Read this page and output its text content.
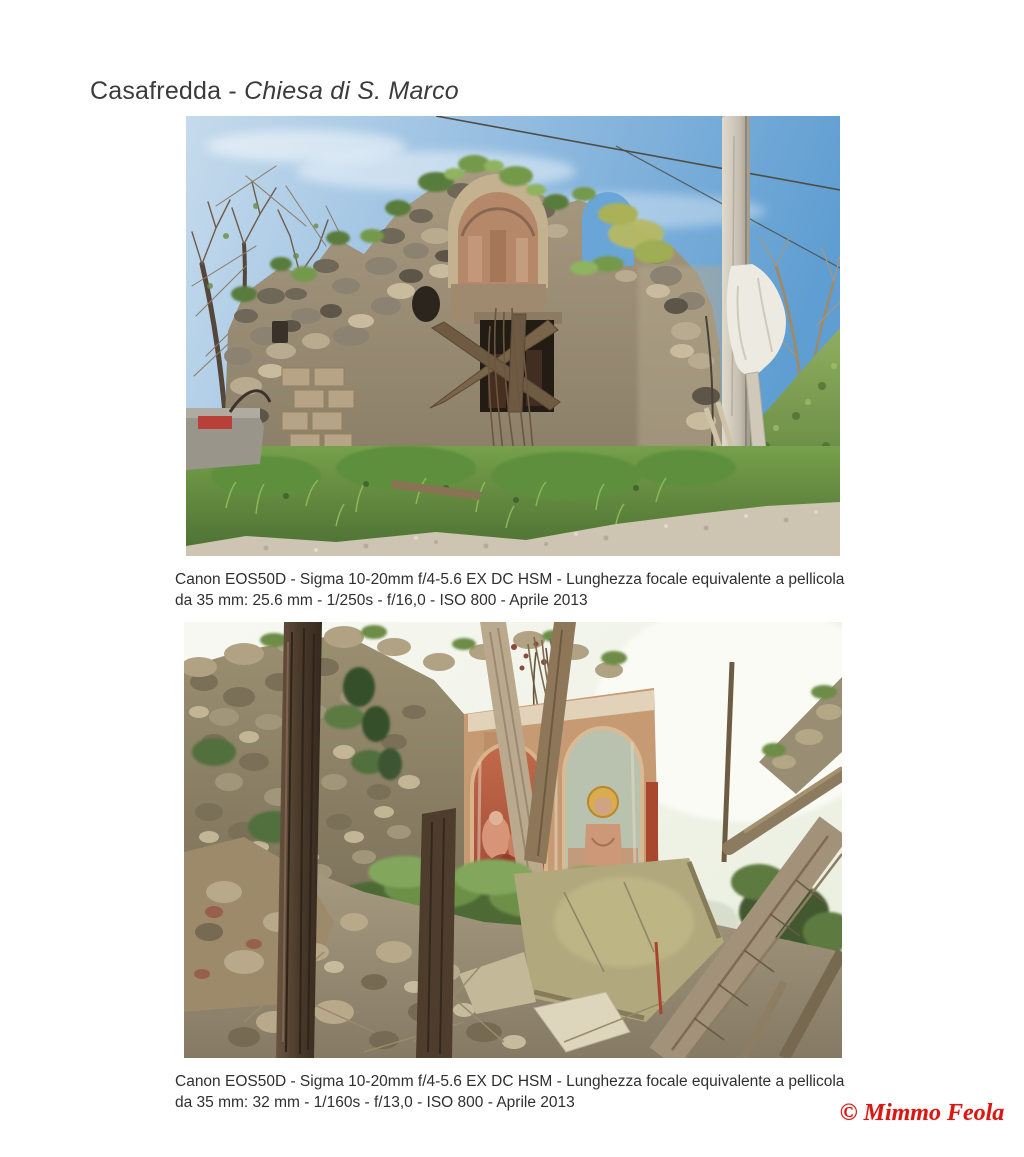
Casafredda - Chiesa di S. Marco

Canon EOS50D - Sigma 10-20mm f/4-5.6 EX DC HSM - Lunghezza focale equivalente a pellicola
da 35 mm: 25.6 mm - 1/250s - f/16,0 - ISO 800 - Aprile 2013

Canon EOS50D - Sigma 10-20mm f/4-5.6 EX DC HSM - Lunghezza focale equivalente a pellicola
da 35 mm: 32 mm - 1/160s - f/13,0 - ISO 800 - Aprile 2013	© Mimmo Feola
